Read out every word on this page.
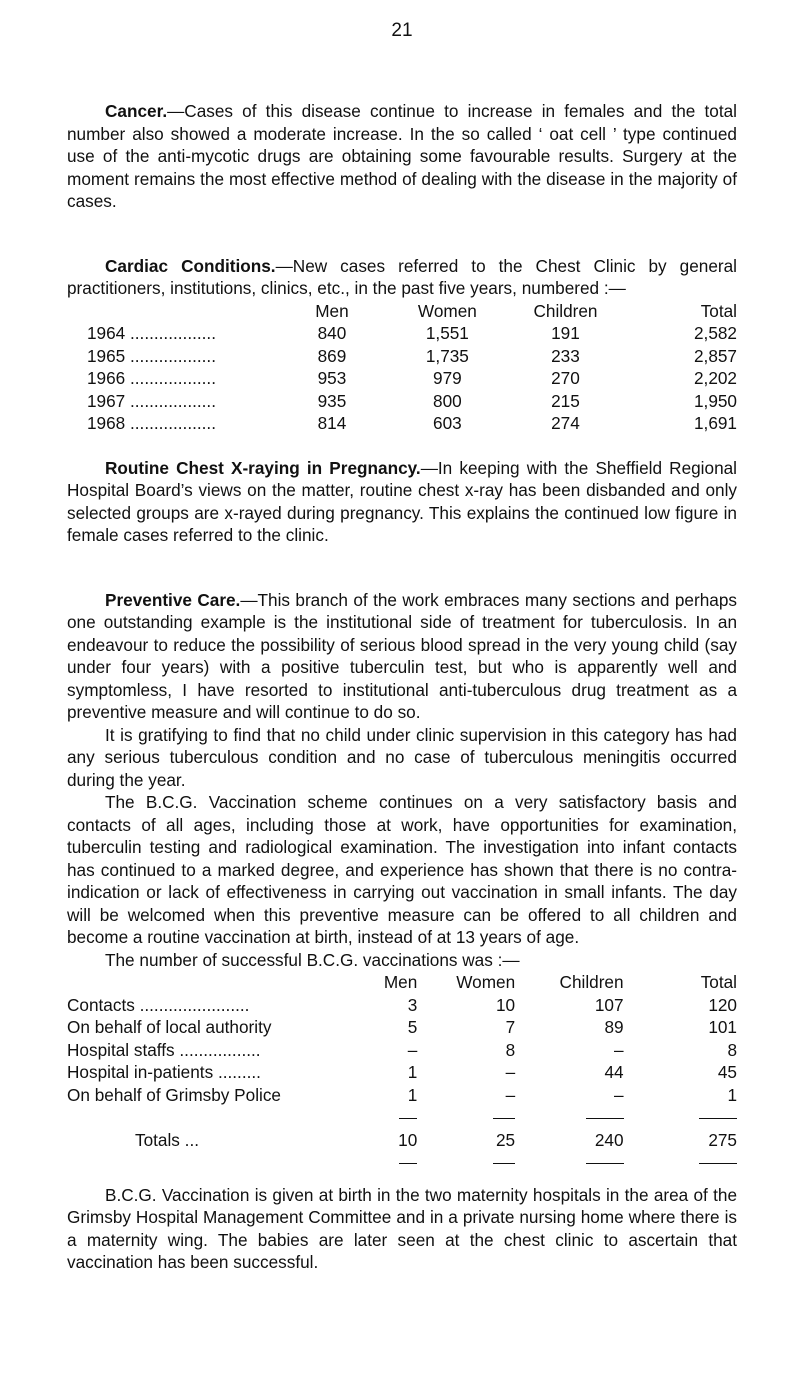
21

Cancer.—Cases of this disease continue to increase in females and the total number also showed a moderate increase. In the so called ‘ oat cell ’ type continued use of the anti-mycotic drugs are obtaining some favourable results. Surgery at the moment remains the most effective method of dealing with the disease in the majority of cases.

Cardiac Conditions.—New cases referred to the Chest Clinic by general practitioners, institutions, clinics, etc., in the past five years, numbered :—

	Men	Women	Children	Total
1964 ..................	840	1,551	191	2,582
1965 ..................	869	1,735	233	2,857
1966 ..................	953	979	270	2,202
1967 ..................	935	800	215	1,950
1968 ..................	814	603	274	1,691

Routine Chest X-raying in Pregnancy.—In keeping with the Sheffield Regional Hospital Board’s views on the matter, routine chest x-ray has been disbanded and only selected groups are x-rayed during pregnancy. This explains the continued low figure in female cases referred to the clinic.

Preventive Care.—This branch of the work embraces many sections and perhaps one outstanding example is the institutional side of treatment for tuberculosis. In an endeavour to reduce the possibility of serious blood spread in the very young child (say under four years) with a positive tuberculin test, but who is apparently well and symptomless, I have resorted to institutional anti-tuberculous drug treatment as a preventive measure and will continue to do so.

It is gratifying to find that no child under clinic supervision in this category has had any serious tuberculous condition and no case of tuberculous meningitis occurred during the year.

The B.C.G. Vaccination scheme continues on a very satisfactory basis and contacts of all ages, including those at work, have opportunities for examination, tuberculin testing and radiological examination. The investigation into infant contacts has continued to a marked degree, and experience has shown that there is no contra-indication or lack of effectiveness in carrying out vaccination in small infants. The day will be welcomed when this preventive measure can be offered to all children and become a routine vaccination at birth, instead of at 13 years of age.

The number of successful B.C.G. vaccinations was :—

	Men	Women	Children	Total
Contacts .......................	3	10	107	120
On behalf of local authority	5	7	89	101
Hospital staffs .................	–	8	–	8
Hospital in-patients .........	1	–	44	45
On behalf of Grimsby Police	1	–	–	1

Totals ...	10	25	240	275

B.C.G. Vaccination is given at birth in the two maternity hospitals in the area of the Grimsby Hospital Management Committee and in a private nursing home where there is a maternity wing. The babies are later seen at the chest clinic to ascertain that vaccination has been successful.
